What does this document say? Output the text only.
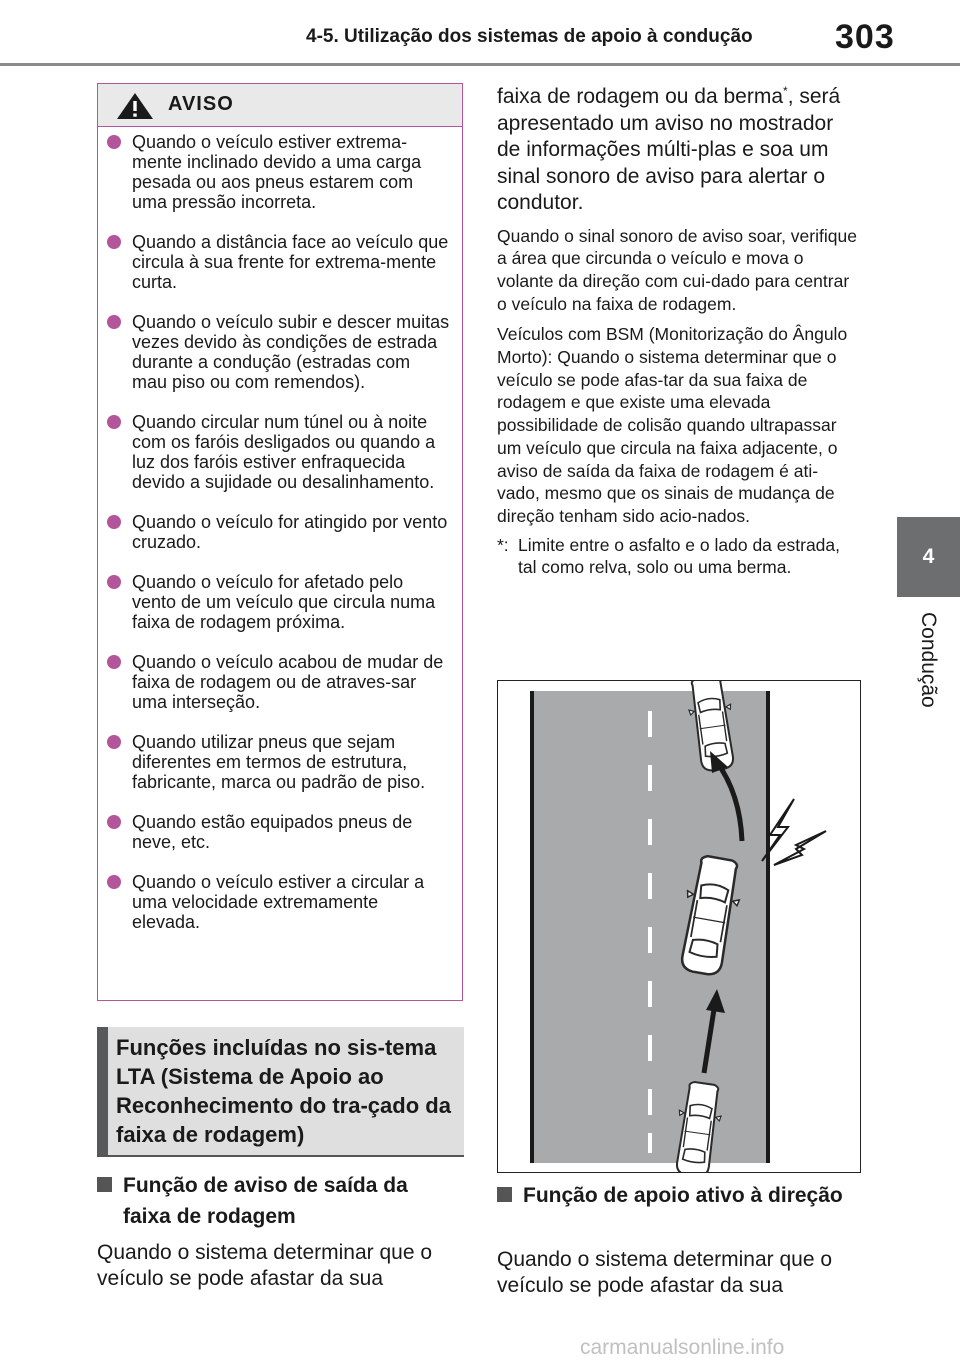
4-5. Utilização dos sistemas de apoio à condução 303
4
Condução
AVISO
Quando o veículo estiver extrema-mente inclinado devido a uma carga pesada ou aos pneus estarem com uma pressão incorreta.
Quando a distância face ao veículo que circula à sua frente for extrema-mente curta.
Quando o veículo subir e descer muitas vezes devido às condições de estrada durante a condução (estradas com mau piso ou com remendos).
Quando circular num túnel ou à noite com os faróis desligados ou quando a luz dos faróis estiver enfraquecida devido a sujidade ou desalinhamento.
Quando o veículo for atingido por vento cruzado.
Quando o veículo for afetado pelo vento de um veículo que circula numa faixa de rodagem próxima.
Quando o veículo acabou de mudar de faixa de rodagem ou de atraves-sar uma interseção.
Quando utilizar pneus que sejam diferentes em termos de estrutura, fabricante, marca ou padrão de piso.
Quando estão equipados pneus de neve, etc.
Quando o veículo estiver a circular a uma velocidade extremamente elevada.
Funções incluídas no sis-tema LTA (Sistema de Apoio ao Reconhecimento do tra-çado da faixa de rodagem)
Função de aviso de saída da faixa de rodagem
Quando o sistema determinar que o veículo se pode afastar da sua
faixa de rodagem ou da berma*, será apresentado um aviso no mostrador de informações múlti-plas e soa um sinal sonoro de aviso para alertar o condutor.
Quando o sinal sonoro de aviso soar, verifique a área que circunda o veículo e mova o volante da direção com cui-dado para centrar o veículo na faixa de rodagem.
Veículos com BSM (Monitorização do Ângulo Morto): Quando o sistema determinar que o veículo se pode afas-tar da sua faixa de rodagem e que existe uma elevada possibilidade de colisão quando ultrapassar um veículo que circula na faixa adjacente, o aviso de saída da faixa de rodagem é ati-vado, mesmo que os sinais de mudança de direção tenham sido acio-nados.
*: Limite entre o asfalto e o lado da estrada, tal como relva, solo ou uma berma.
Função de apoio ativo à direção
Quando o sistema determinar que o veículo se pode afastar da sua
carmanualsonline.info
